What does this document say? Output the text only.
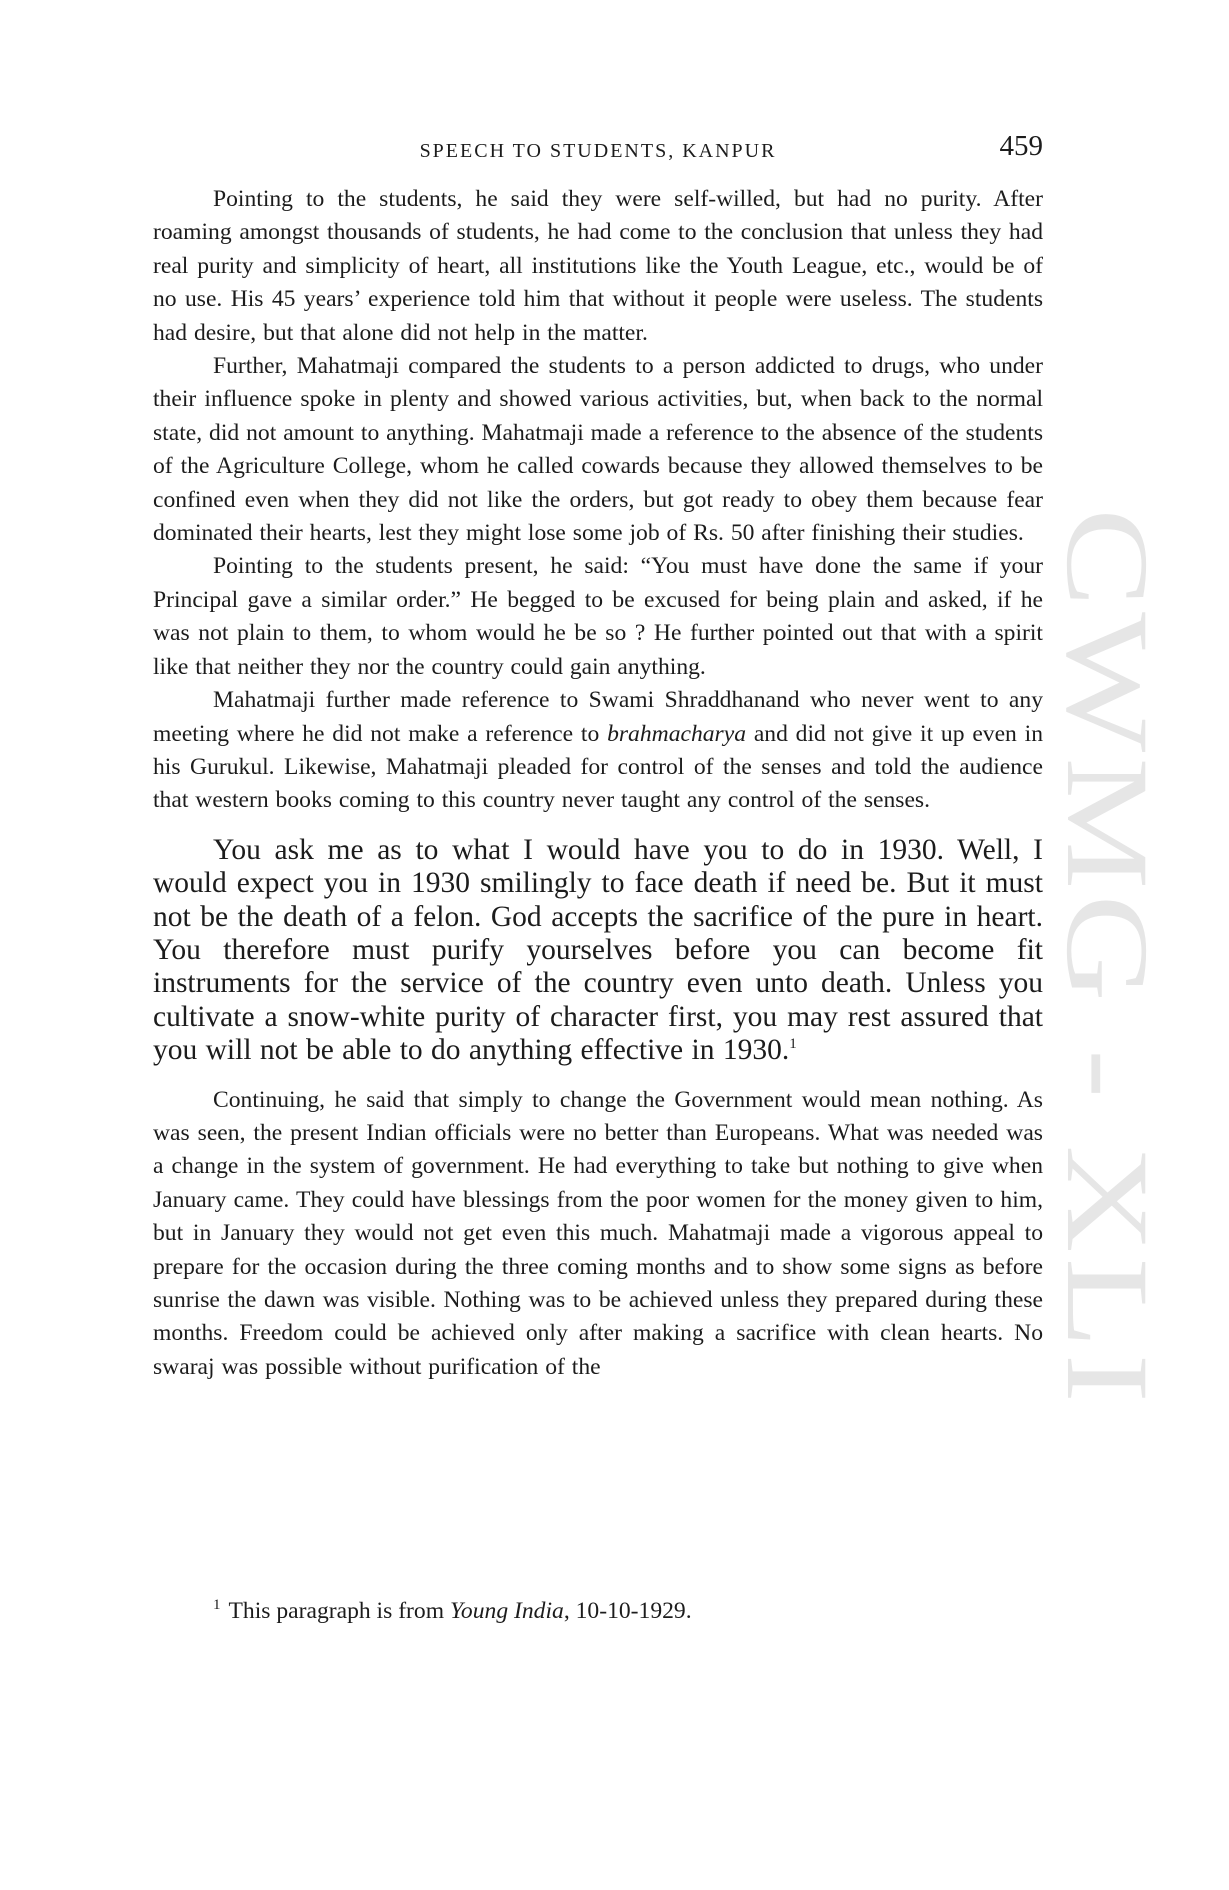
SPEECH TO STUDENTS, KANPUR	459

Pointing to the students, he said they were self-willed, but had no purity. After roaming amongst thousands of students, he had come to the conclusion that unless they had real purity and simplicity of heart, all institutions like the Youth League, etc., would be of no use. His 45 years’ experience told him that without it people were useless. The students had desire, but that alone did not help in the matter.

Further, Mahatmaji compared the students to a person addicted to drugs, who under their influence spoke in plenty and showed various activities, but, when back to the normal state, did not amount to anything. Mahatmaji made a reference to the absence of the students of the Agriculture College, whom he called cowards because they allowed themselves to be confined even when they did not like the orders, but got ready to obey them because fear dominated their hearts, lest they might lose some job of Rs. 50 after finishing their studies.

Pointing to the students present, he said: “You must have done the same if your Principal gave a similar order.” He begged to be excused for being plain and asked, if he was not plain to them, to whom would he be so ? He further pointed out that with a spirit like that neither they nor the country could gain anything.

Mahatmaji further made reference to Swami Shraddhanand who never went to any meeting where he did not make a reference to brahmacharya and did not give it up even in his Gurukul. Likewise, Mahatmaji pleaded for control of the senses and told the audience that western books coming to this country never taught any control of the senses.

You ask me as to what I would have you to do in 1930. Well, I would expect you in 1930 smilingly to face death if need be. But it must not be the death of a felon. God accepts the sacrifice of the pure in heart. You therefore must purify yourselves before you can become fit instruments for the service of the country even unto death. Unless you cultivate a snow-white purity of character first, you may rest assured that you will not be able to do anything effective in 1930.$^1$

Continuing, he said that simply to change the Government would mean nothing. As was seen, the present Indian officials were no better than Europeans. What was needed was a change in the system of government. He had everything to take but nothing to give when January came. They could have blessings from the poor women for the money given to him, but in January they would not get even this much. Mahatmaji made a vigorous appeal to prepare for the occasion during the three coming months and to show some signs as before sunrise the dawn was visible. Nothing was to be achieved unless they prepared during these months. Freedom could be achieved only after making a sacrifice with clean hearts. No swaraj was possible without purification of the

$^1$ This paragraph is from Young India, 10-10-1929.
CWMG - XLI
